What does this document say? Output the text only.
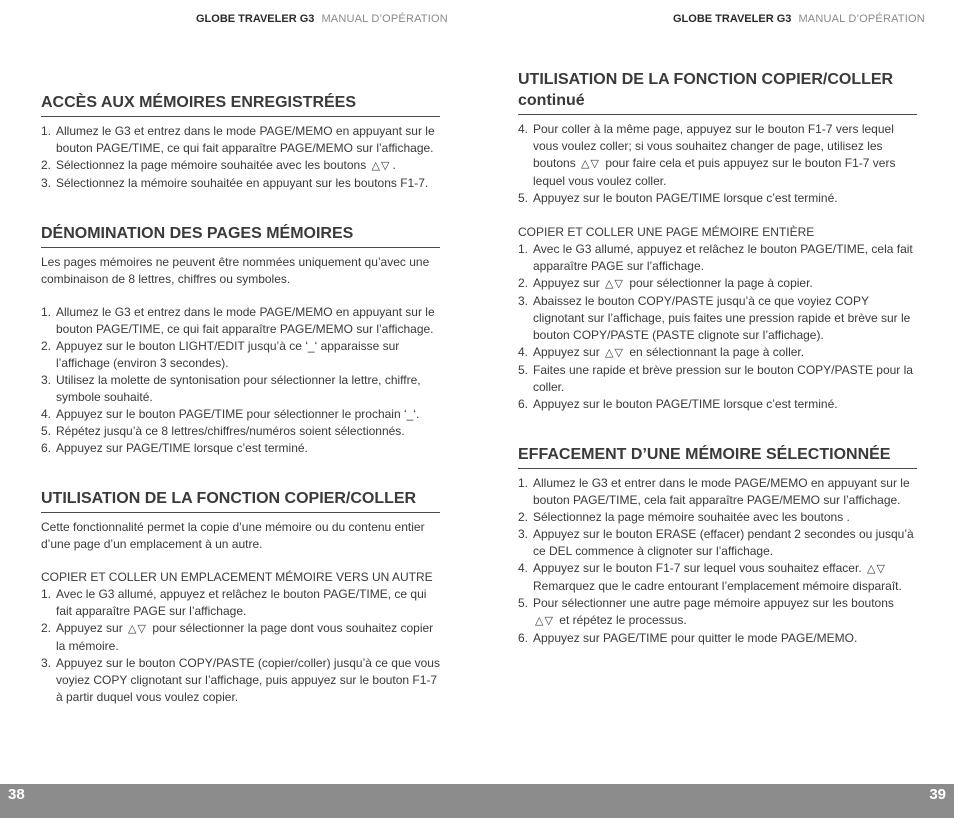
GLOBE TRAVELER G3 MANUAL D’OPÉRATION
ACCÈS AUX MÉMOIRES ENREGISTRÉES
1. Allumez le G3 et entrez dans le mode PAGE/MEMO en appuyant sur le bouton PAGE/TIME, ce qui fait apparaître PAGE/MEMO sur l’affichage.
2. Sélectionnez la page mémoire souhaitée avec les boutons △▽ .
3. Sélectionnez la mémoire souhaitée en appuyant sur les boutons F1-7.
DÉNOMINATION DES PAGES MÉMOIRES

Les pages mémoires ne peuvent être nommées uniquement qu’avec une combinaison de 8 lettres, chiffres ou symboles.

1. Allumez le G3 et entrez dans le mode PAGE/MEMO en appuyant sur le bouton PAGE/TIME, ce qui fait apparaître PAGE/MEMO sur l’affichage.
2. Appuyez sur le bouton LIGHT/EDIT jusqu’à ce ‘_‘ apparaisse sur l’affichage (environ 3 secondes).
3. Utilisez la molette de syntonisation pour sélectionner la lettre, chiffre, symbole souhaité.
4. Appuyez sur le bouton PAGE/TIME pour sélectionner le prochain ‘_‘.
5. Répétez jusqu’à ce 8 lettres/chiffres/numéros soient sélectionnés.
6. Appuyez sur PAGE/TIME lorsque c’est terminé.
UTILISATION DE LA FONCTION COPIER/COLLER

Cette fonctionnalité permet la copie d’une mémoire ou du contenu entier d’une page d’un emplacement à un autre.

COPIER ET COLLER UN EMPLACEMENT MÉMOIRE VERS UN AUTRE

1. Avec le G3 allumé, appuyez et relâchez le bouton PAGE/TIME, ce qui fait apparaître PAGE sur l’affichage.
2. Appuyez sur △▽ pour sélectionner la page dont vous souhaitez copier la mémoire.
3. Appuyez sur le bouton COPY/PASTE (copier/coller) jusqu’à ce que vous voyiez COPY clignotant sur l’affichage, puis appuyez sur le bouton F1-7 à partir duquel vous voulez copier.
GLOBE TRAVELER G3 MANUAL D’OPÉRATION
UTILISATION DE LA FONCTION COPIER/COLLER continué
4. Pour coller à la même page, appuyez sur le bouton F1-7 vers lequel vous voulez coller; si vous souhaitez changer de page, utilisez les boutons △▽ pour faire cela et puis appuyez sur le bouton F1-7 vers lequel vous voulez coller.
5. Appuyez sur le bouton PAGE/TIME lorsque c’est terminé.

COPIER ET COLLER UNE PAGE MÉMOIRE ENTIÈRE

1. Avec le G3 allumé, appuyez et relâchez le bouton PAGE/TIME, cela fait apparaître PAGE sur l’affichage.
2. Appuyez sur △▽ pour sélectionner la page à copier.
3. Abaissez le bouton COPY/PASTE jusqu’à ce que voyiez COPY clignotant sur l’affichage, puis faites une pression rapide et brève sur le bouton COPY/PASTE (PASTE clignote sur l’affichage).
4. Appuyez sur △▽ en sélectionnant la page à coller.
5. Faites une rapide et brève pression sur le bouton COPY/PASTE pour la coller.
6. Appuyez sur le bouton PAGE/TIME lorsque c’est terminé.
EFFACEMENT D’UNE MÉMOIRE SÉLECTIONNÉE
1. Allumez le G3 et entrer dans le mode PAGE/MEMO en appuyant sur le bouton PAGE/TIME, cela fait apparaître PAGE/MEMO sur l’affichage.
2. Sélectionnez la page mémoire souhaitée avec les boutons .
3. Appuyez sur le bouton ERASE (effacer) pendant 2 secondes ou jusqu’à ce DEL commence à clignoter sur l’affichage.
4. Appuyez sur le bouton F1-7 sur lequel vous souhaitez effacer. △▽ Remarquez que le cadre entourant l’emplacement mémoire disparaît.
5. Pour sélectionner une autre page mémoire appuyez sur les boutons △▽ et répétez le processus.
6. Appuyez sur PAGE/TIME pour quitter le mode PAGE/MEMO.
38	39
